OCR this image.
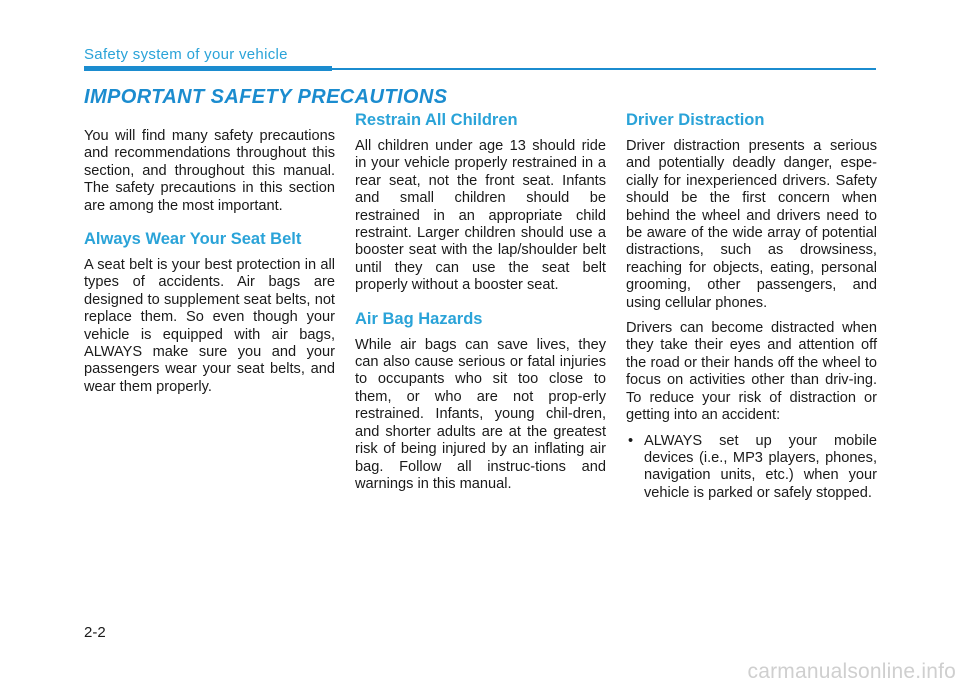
Safety system of your vehicle
IMPORTANT SAFETY PRECAUTIONS

You will find many safety precautions and recommendations throughout this section, and throughout this manual. The safety precautions in this section are among the most important.

Always Wear Your Seat Belt

A seat belt is your best protection in all types of accidents. Air bags are designed to supplement seat belts, not replace them. So even though your vehicle is equipped with air bags, ALWAYS make sure you and your passengers wear your seat belts, and wear them properly.

Restrain All Children

All children under age 13 should ride in your vehicle properly restrained in a rear seat, not the front seat. Infants and small children should be restrained in an appropriate child restraint. Larger children should use a booster seat with the lap/shoulder belt until they can use the seat belt properly without a booster seat.

Air Bag Hazards

While air bags can save lives, they can also cause serious or fatal injuries to occupants who sit too close to them, or who are not prop-erly restrained. Infants, young chil-dren, and shorter adults are at the greatest risk of being injured by an inflating air bag. Follow all instruc-tions and warnings in this manual.

Driver Distraction

Driver distraction presents a serious and potentially deadly danger, espe-cially for inexperienced drivers. Safety should be the first concern when behind the wheel and drivers need to be aware of the wide array of potential distractions, such as drowsiness, reaching for objects, eating, personal grooming, other passengers, and using cellular phones.

Drivers can become distracted when they take their eyes and attention off the road or their hands off the wheel to focus on activities other than driv-ing. To reduce your risk of distraction or getting into an accident:

• ALWAYS set up your mobile devices (i.e., MP3 players, phones, navigation units, etc.) when your vehicle is parked or safely stopped.
2-2
carmanualsonline.info
